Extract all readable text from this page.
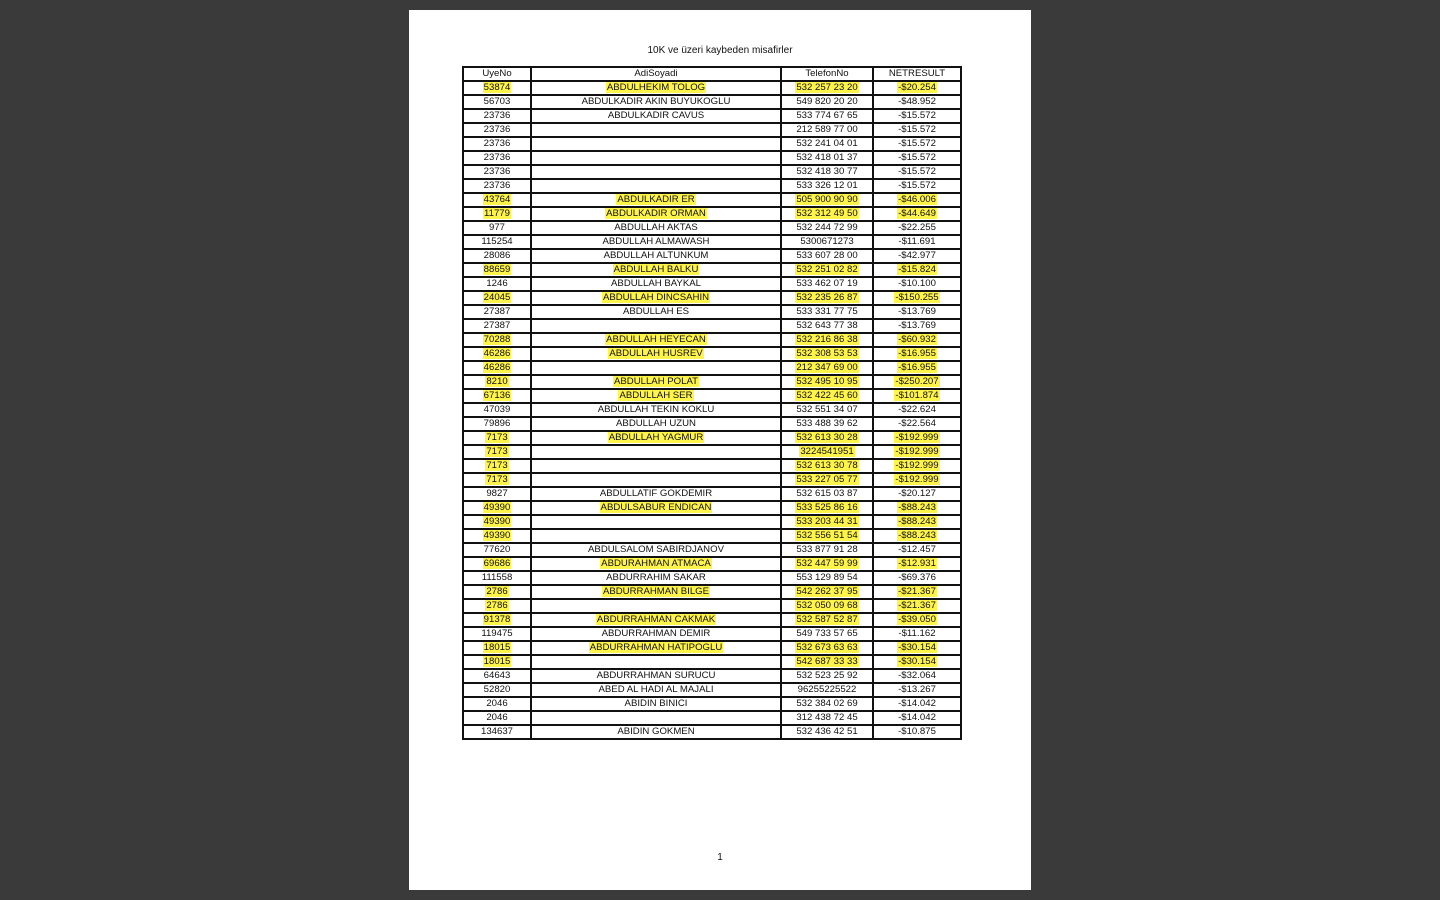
10K ve üzeri kaybeden misafirler
UyeNo	AdiSoyadi	TelefonNo	NETRESULT
53874	ABDULHEKIM TOLOG	532 257 23 20	-$20.254
56703	ABDULKADIR AKIN BUYUKOGLU	549 820 20 20	-$48.952
23736	ABDULKADIR CAVUS	533 774 67 65	-$15.572
23736		212 589 77 00	-$15.572
23736		532 241 04 01	-$15.572
23736		532 418 01 37	-$15.572
23736		532 418 30 77	-$15.572
23736		533 326 12 01	-$15.572
43764	ABDULKADIR ER	505 900 90 90	-$46.006
11779	ABDULKADIR ORMAN	532 312 49 50	-$44.649
977	ABDULLAH AKTAS	532 244 72 99	-$22.255
115254	ABDULLAH ALMAWASH	5300671273	-$11.691
28086	ABDULLAH ALTUNKUM	533 607 28 00	-$42.977
88659	ABDULLAH BALKU	532 251 02 82	-$15.824
1246	ABDULLAH BAYKAL	533 462 07 19	-$10.100
24045	ABDULLAH DINCSAHIN	532 235 26 87	-$150.255
27387	ABDULLAH ES	533 331 77 75	-$13.769
27387		532 643 77 38	-$13.769
70288	ABDULLAH HEYECAN	532 216 86 38	-$60.932
46286	ABDULLAH HUSREV	532 308 53 53	-$16.955
46286		212 347 69 00	-$16.955
8210	ABDULLAH POLAT	532 495 10 95	-$250.207
67136	ABDULLAH SER	532 422 45 60	-$101.874
47039	ABDULLAH TEKIN KOKLU	532 551 34 07	-$22.624
79896	ABDULLAH UZUN	533 488 39 62	-$22.564
7173	ABDULLAH YAGMUR	532 613 30 28	-$192.999
7173		3224541951	-$192.999
7173		532 613 30 78	-$192.999
7173		533 227 05 77	-$192.999
9827	ABDULLATIF GOKDEMIR	532 615 03 87	-$20.127
49390	ABDULSABUR ENDICAN	533 525 86 16	-$88.243
49390		533 203 44 31	-$88.243
49390		532 556 51 54	-$88.243
77620	ABDULSALOM SABIRDJANOV	533 877 91 28	-$12.457
69686	ABDURAHMAN ATMACA	532 447 59 99	-$12.931
111558	ABDURRAHIM SAKAR	553 129 89 54	-$69.376
2786	ABDURRAHMAN BILGE	542 262 37 95	-$21.367
2786		532 050 09 68	-$21.367
91378	ABDURRAHMAN CAKMAK	532 587 52 87	-$39.050
119475	ABDURRAHMAN DEMIR	549 733 57 65	-$11.162
18015	ABDURRAHMAN HATIPOGLU	532 673 63 63	-$30.154
18015		542 687 33 33	-$30.154
64643	ABDURRAHMAN SURUCU	532 523 25 92	-$32.064
52820	ABED AL HADI AL MAJALI	96255225522	-$13.267
2046	ABIDIN BINICI	532 384 02 69	-$14.042
2046		312 438 72 45	-$14.042
134637	ABIDIN GOKMEN	532 436 42 51	-$10.875
1
